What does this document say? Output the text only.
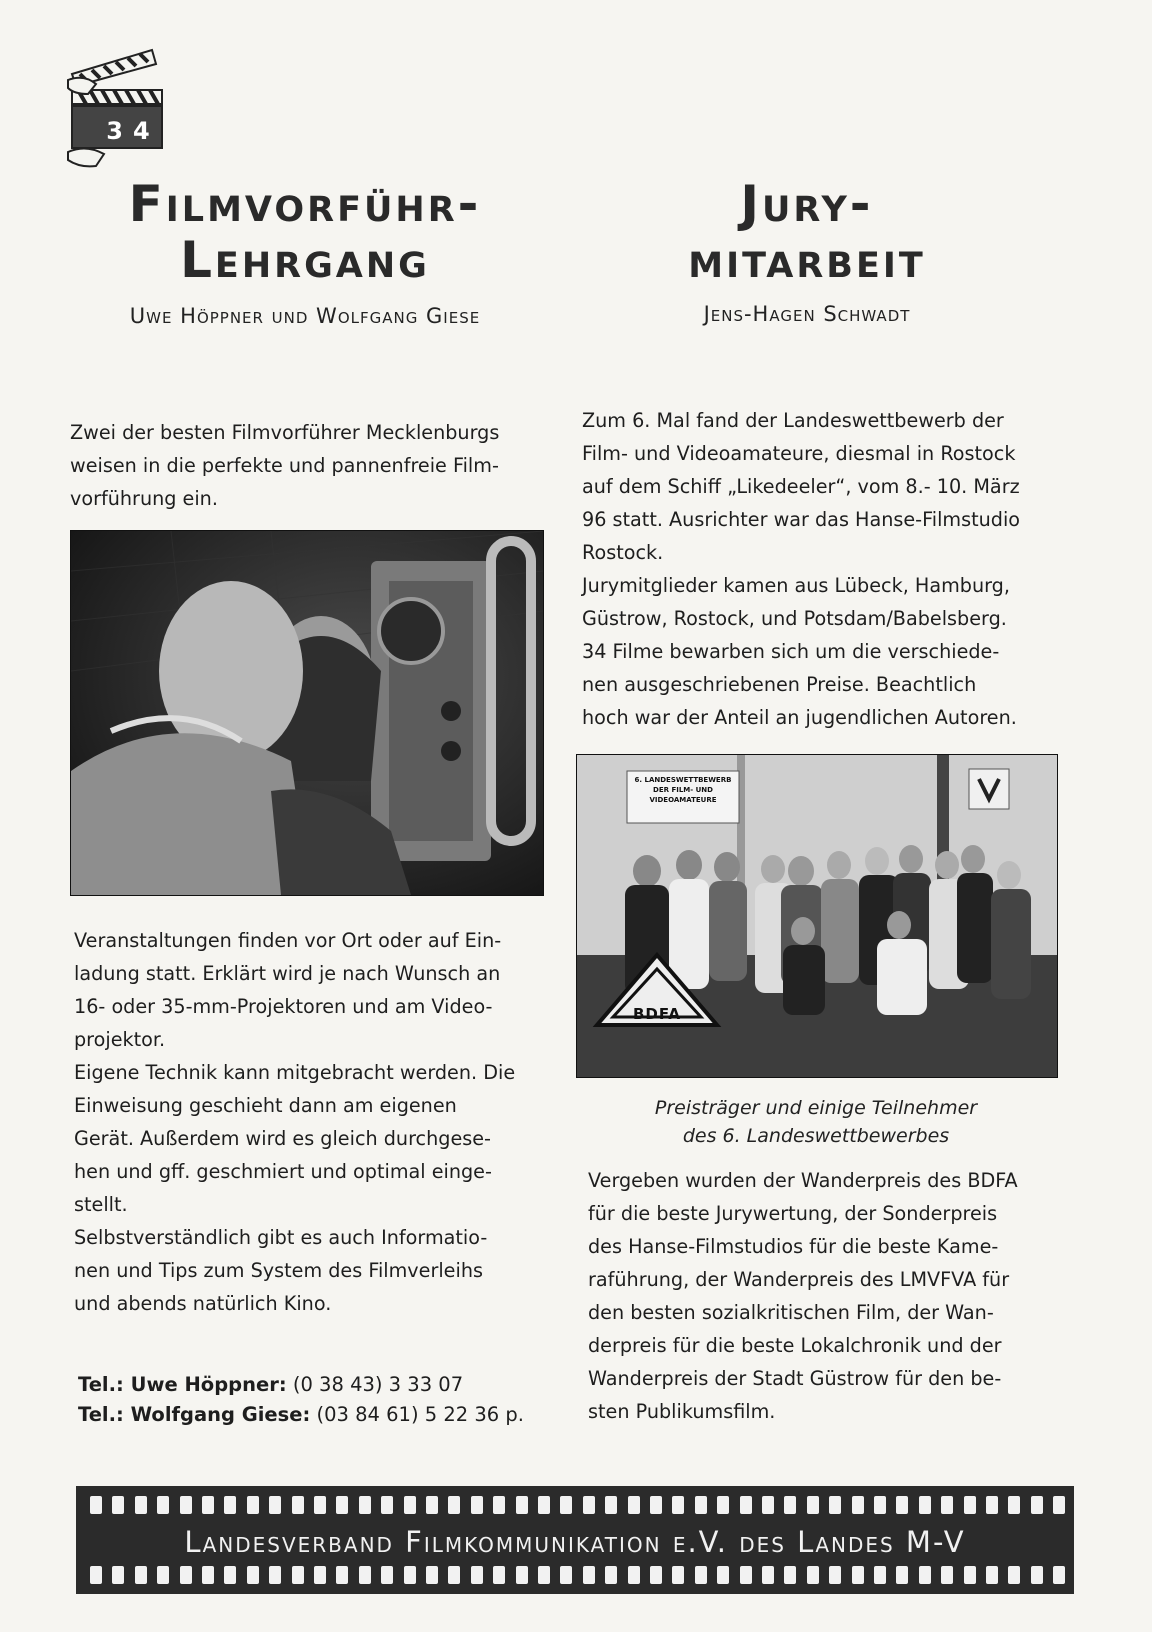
34
Filmvorführ-
Lehrgang

Uwe Höppner und Wolfgang Giese

Zwei der besten Filmvorführer Mecklenburgs

weisen in die perfekte und pannenfreie Film-

vorführung ein.

Veranstaltungen finden vor Ort oder auf Ein-

ladung statt. Erklärt wird je nach Wunsch an

16- oder 35-mm-Projektoren und am Video-

projektor.

Eigene Technik kann mitgebracht werden. Die

Einweisung geschieht dann am eigenen

Gerät. Außerdem wird es gleich durchgese-

hen und gff. geschmiert und optimal einge-

stellt.

Selbstverständlich gibt es auch Informatio-

nen und Tips zum System des Filmverleihs

und abends natürlich Kino.

Tel.: Uwe Höppner: (0 38 43) 3 33 07
Tel.: Wolfgang Giese: (03 84 61) 5 22 36 p.
Jury-
mitarbeit

Jens-Hagen Schwadt

Zum 6. Mal fand der Landeswettbewerb der

Film- und Videoamateure, diesmal in Rostock

auf dem Schiff „Likedeeler“, vom 8.- 10. März

96 statt. Ausrichter war das Hanse-Filmstudio

Rostock.

Jurymitglieder kamen aus Lübeck, Hamburg,

Güstrow, Rostock, und Potsdam/Babelsberg.

34 Filme bewarben sich um die verschiede-

nen ausgeschriebenen Preise. Beachtlich

hoch war der Anteil an jugendlichen Autoren.

6. LANDESWETTBEWERB DER FILM- UND VIDEOAMATEURE
BDFA
Preisträger und einige Teilnehmer
des 6. Landeswettbewerbes

Vergeben wurden der Wanderpreis des BDFA

für die beste Jurywertung, der Sonderpreis

des Hanse-Filmstudios für die beste Kame-

raführung, der Wanderpreis des LMVFVA für

den besten sozialkritischen Film, der Wan-

derpreis für die beste Lokalchronik und der

Wanderpreis der Stadt Güstrow für den be-

sten Publikumsfilm.

Landesverband Filmkommunikation e.V. des Landes M-V
